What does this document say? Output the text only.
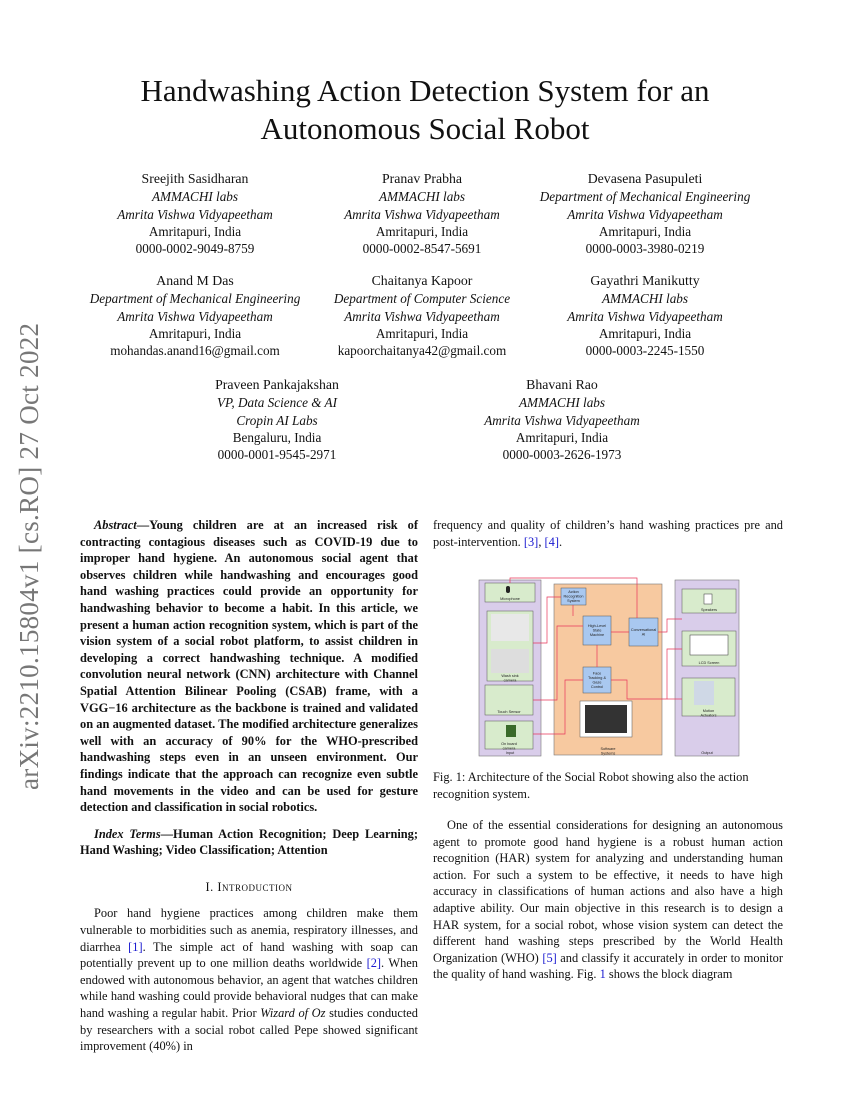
Handwashing Action Detection System for an
Autonomous Social Robot
Sreejith Sasidharan
AMMACHI labs
Amrita Vishwa Vidyapeetham
Amritapuri, India
0000-0002-9049-8759
Pranav Prabha
AMMACHI labs
Amrita Vishwa Vidyapeetham
Amritapuri, India
0000-0002-8547-5691
Devasena Pasupuleti
Department of Mechanical Engineering
Amrita Vishwa Vidyapeetham
Amritapuri, India
0000-0003-3980-0219
Anand M Das
Department of Mechanical Engineering
Amrita Vishwa Vidyapeetham
Amritapuri, India
mohandas.anand16@gmail.com
Chaitanya Kapoor
Department of Computer Science
Amrita Vishwa Vidyapeetham
Amritapuri, India
kapoorchaitanya42@gmail.com
Gayathri Manikutty
AMMACHI labs
Amrita Vishwa Vidyapeetham
Amritapuri, India
0000-0003-2245-1550
Praveen Pankajakshan
VP, Data Science & AI
Cropin AI Labs
Bengaluru, India
0000-0001-9545-2971
Bhavani Rao
AMMACHI labs
Amrita Vishwa Vidyapeetham
Amritapuri, India
0000-0003-2626-1973
arXiv:2210.15804v1 [cs.RO] 27 Oct 2022	Abstract—Young children are at an increased risk of contracting contagious diseases such as COVID-19 due to improper hand hygiene. An autonomous social agent that observes children while handwashing and encourages good hand washing practices could provide an opportunity for handwashing behavior to become a habit. In this article, we present a human action recognition system, which is part of the vision system of a social robot platform, to assist children in developing a correct handwashing technique. A modified convolution neural network (CNN) architecture with Channel Spatial Attention Bilinear Pooling (CSAB) frame, with a VGG−16 architecture as the backbone is trained and validated on an augmented dataset. The modified architecture generalizes well with an accuracy of 90% for the WHO-prescribed handwashing steps even in an unseen environment. Our findings indicate that the approach can recognize even subtle hand movements in the video and can be used for gesture detection and classification in social robotics.

Index Terms—Human Action Recognition; Deep Learning; Hand Washing; Video Classification; Attention

I. Introduction

Poor hand hygiene practices among children make them vulnerable to morbidities such as anemia, respiratory illnesses, and diarrhea [1]. The simple act of hand washing with soap can potentially prevent up to one million deaths worldwide [2]. When endowed with autonomous behavior, an agent that watches children while hand washing could provide behavioral nudges that can make hand washing a regular habit. Prior Wizard of Oz studies conducted by researchers with a social robot called Pepe showed significant improvement (40%) in

frequency and quality of children’s hand washing practices pre and post-intervention. [3], [4].

Input
Software
Systems	Output
Microphone
Wash sink
camera
Touch Sensor
On board
camera
Action
Recognition
System
High-Level
State
Machine
Conversational
AI
Face
Tracking &
Gaze
Control
Speakers
LCD Screen
Motion
Actuators
Fig. 1: Architecture of the Social Robot showing also the action recognition system.

One of the essential considerations for designing an autonomous agent to promote good hand hygiene is a robust human action recognition (HAR) system for analyzing and understanding human action. For such a system to be effective, it needs to have high accuracy in classifications of human actions and also have a high adaptive ability. Our main objective in this research is to design a HAR system, for a social robot, whose vision system can detect the different hand washing steps prescribed by the World Health Organization (WHO) [5] and classify it accurately in order to monitor the quality of hand washing. Fig. 1 shows the block diagram
